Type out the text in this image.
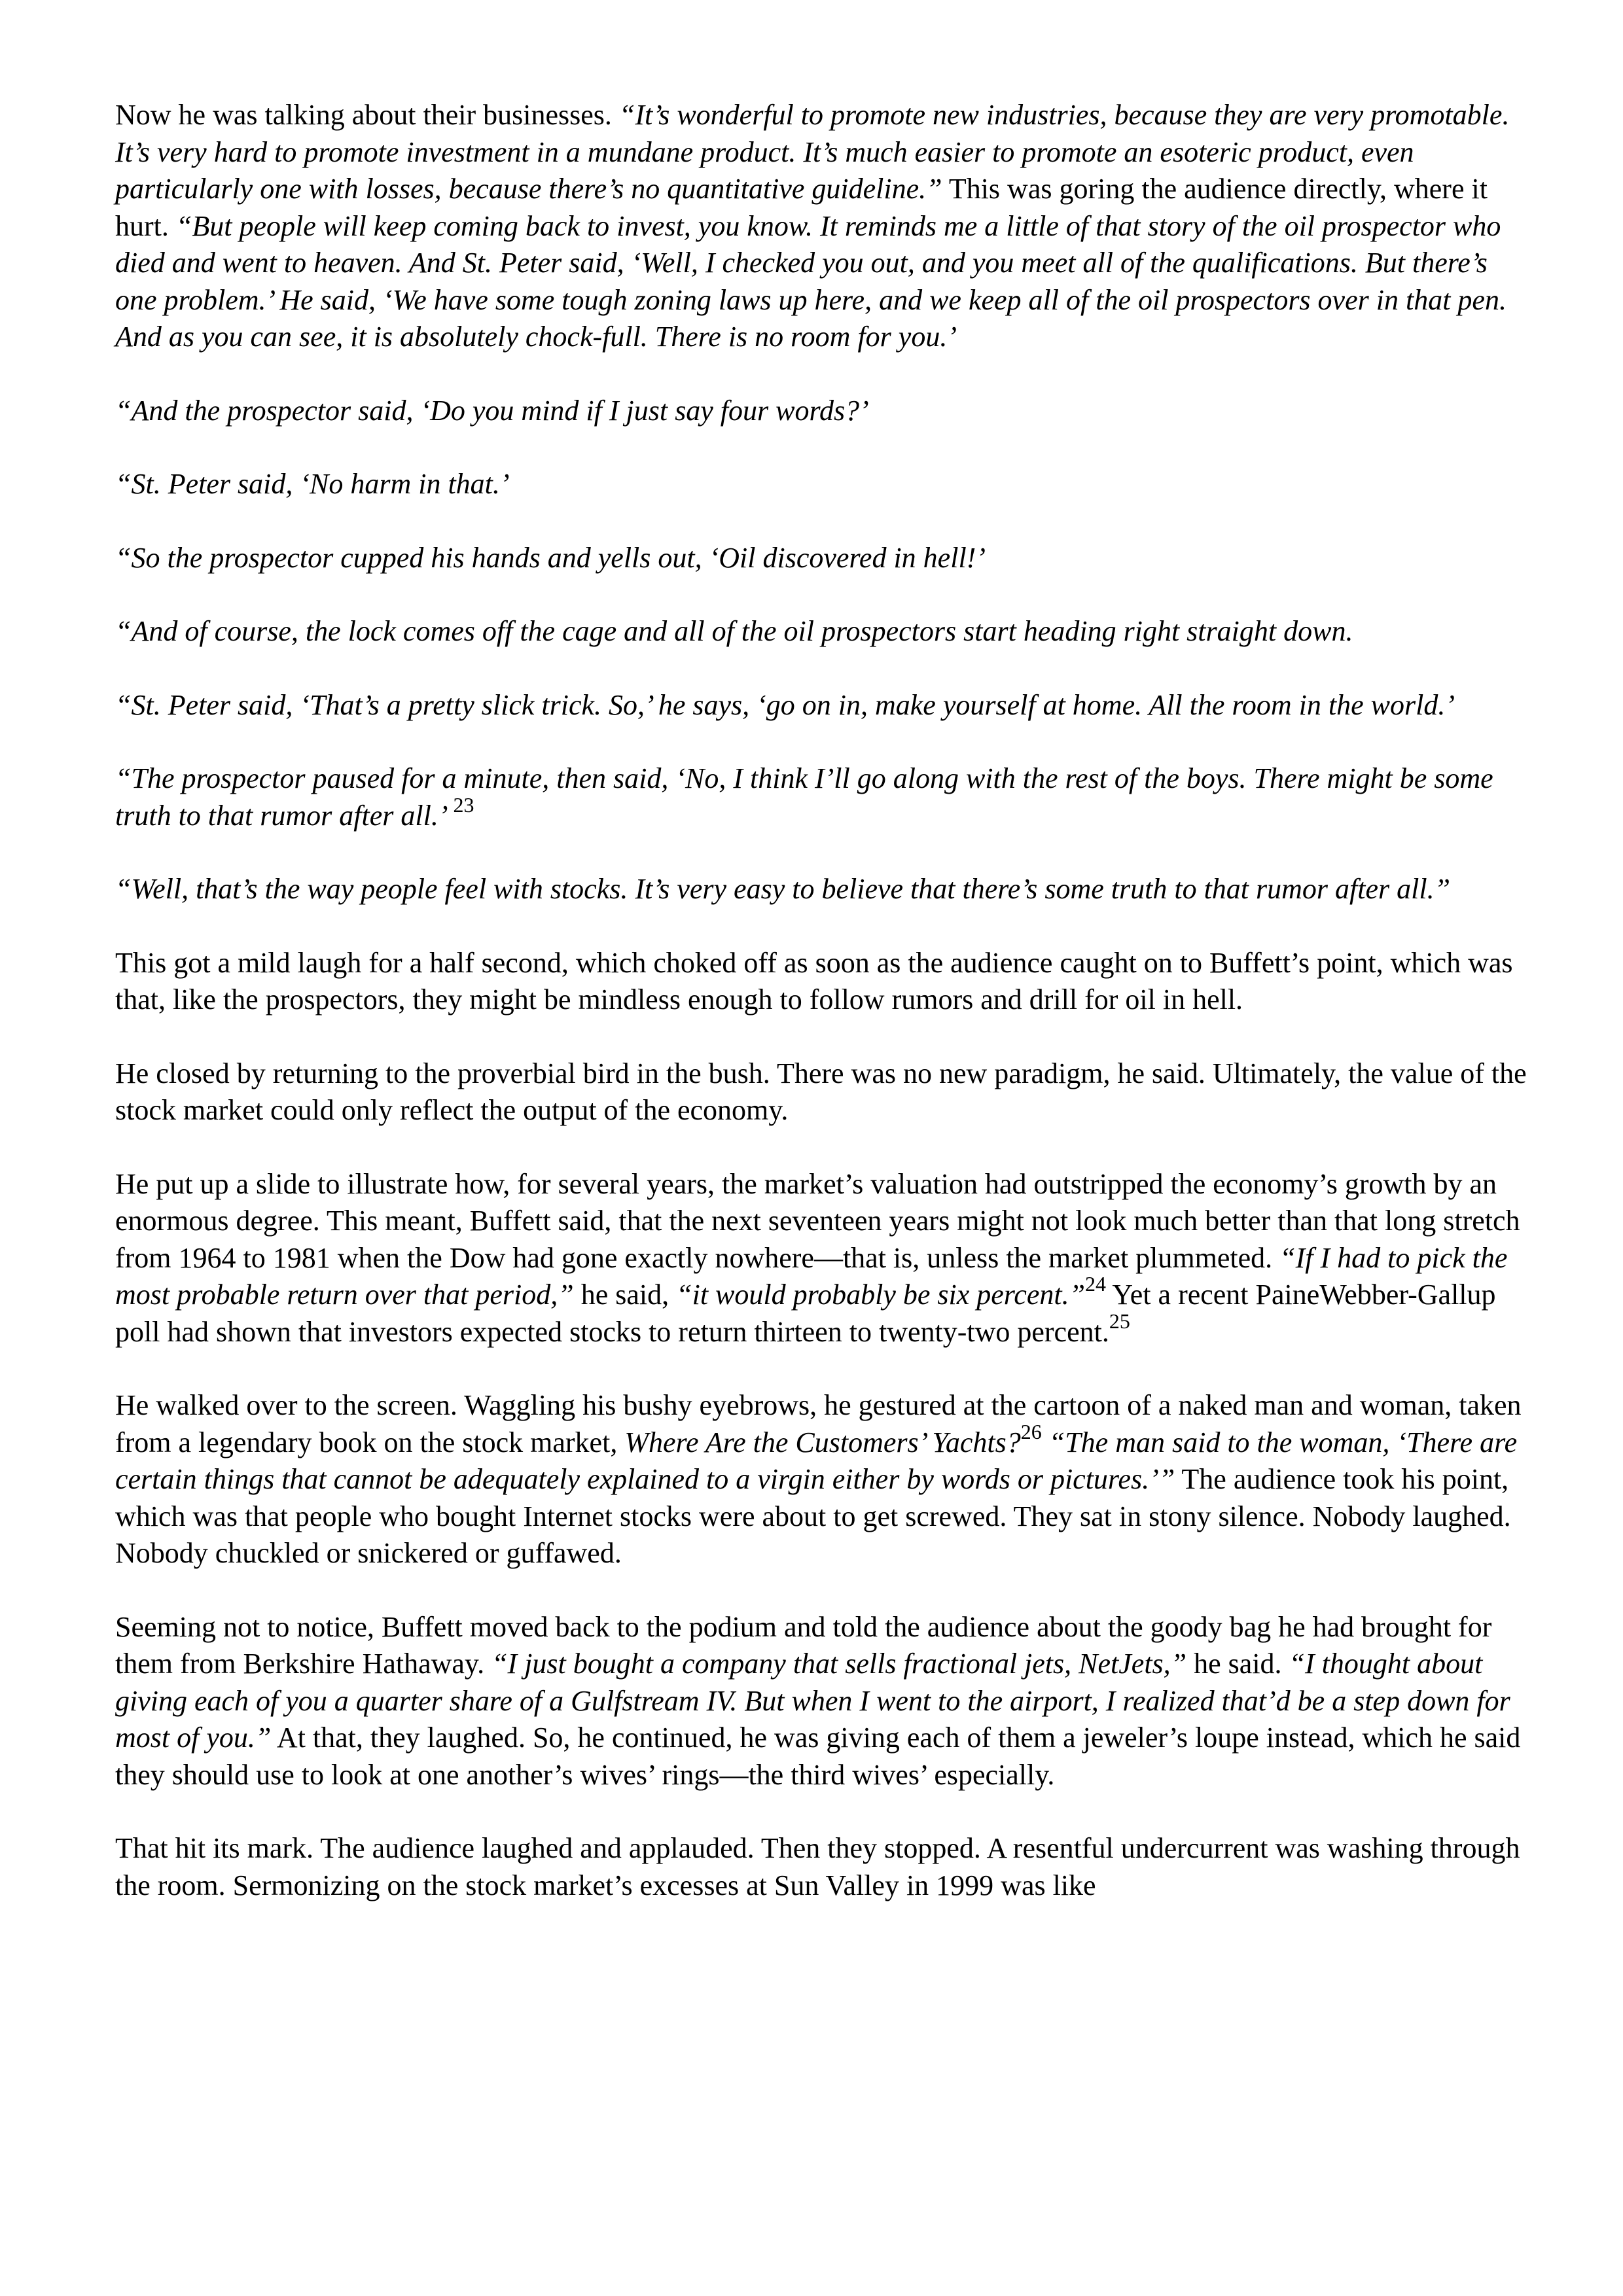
Now he was talking about their businesses. “It’s wonderful to promote new industries, because they are very promotable. It’s very hard to promote investment in a mundane product. It’s much easier to promote an esoteric product, even particularly one with losses, because there’s no quantitative guideline.” This was goring the audience directly, where it hurt. “But people will keep coming back to invest, you know. It reminds me a little of that story of the oil prospector who died and went to heaven. And St. Peter said, ‘Well, I checked you out, and you meet all of the qualifications. But there’s one problem.’ He said, ‘We have some tough zoning laws up here, and we keep all of the oil prospectors over in that pen. And as you can see, it is absolutely chock-full. There is no room for you.’

“And the prospector said, ‘Do you mind if I just say four words?’

“St. Peter said, ‘No harm in that.’

“So the prospector cupped his hands and yells out, ‘Oil discovered in hell!’

“And of course, the lock comes off the cage and all of the oil prospectors start heading right straight down.

“St. Peter said, ‘That’s a pretty slick trick. So,’ he says, ‘go on in, make yourself at home. All the room in the world.’

“The prospector paused for a minute, then said, ‘No, I think I’ll go along with the rest of the boys. There might be some truth to that rumor after all.’ $^{23}$

“Well, that’s the way people feel with stocks. It’s very easy to believe that there’s some truth to that rumor after all.”

This got a mild laugh for a half second, which choked off as soon as the audience caught on to Buffett’s point, which was that, like the prospectors, they might be mindless enough to follow rumors and drill for oil in hell.

He closed by returning to the proverbial bird in the bush. There was no new paradigm, he said. Ultimately, the value of the stock market could only reflect the output of the economy.

He put up a slide to illustrate how, for several years, the market’s valuation had outstripped the economy’s growth by an enormous degree. This meant, Buffett said, that the next seventeen years might not look much better than that long stretch from 1964 to 1981 when the Dow had gone exactly nowhere—that is, unless the market plummeted. “If I had to pick the most probable return over that period,” he said, “it would probably be six percent.”$^{24}$ Yet a recent PaineWebber-Gallup poll had shown that investors expected stocks to return thirteen to twenty-two percent.$^{25}$

He walked over to the screen. Waggling his bushy eyebrows, he gestured at the cartoon of a naked man and woman, taken from a legendary book on the stock market, Where Are the Customers’ Yachts?$^{26}$ “The man said to the woman, ‘There are certain things that cannot be adequately explained to a virgin either by words or pictures.’” The audience took his point, which was that people who bought Internet stocks were about to get screwed. They sat in stony silence. Nobody laughed. Nobody chuckled or snickered or guffawed.

Seeming not to notice, Buffett moved back to the podium and told the audience about the goody bag he had brought for them from Berkshire Hathaway. “I just bought a company that sells fractional jets, NetJets,” he said. “I thought about giving each of you a quarter share of a Gulfstream IV. But when I went to the airport, I realized that’d be a step down for most of you.” At that, they laughed. So, he continued, he was giving each of them a jeweler’s loupe instead, which he said they should use to look at one another’s wives’ rings—the third wives’ especially.

That hit its mark. The audience laughed and applauded. Then they stopped. A resentful undercurrent was washing through the room. Sermonizing on the stock market’s excesses at Sun Valley in 1999 was like
